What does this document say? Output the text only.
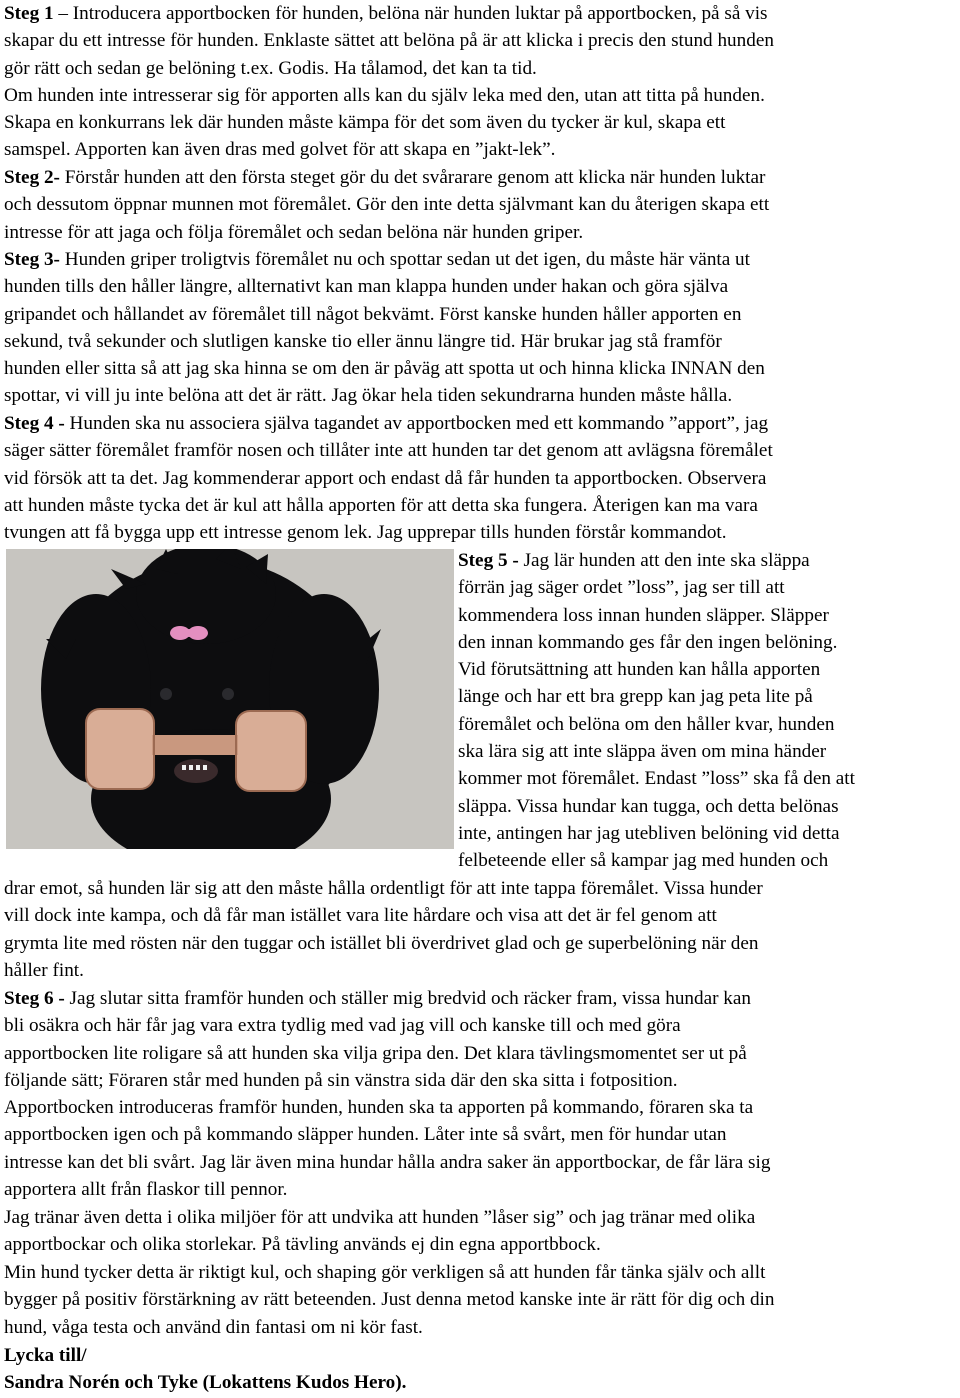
Steg 1 – Introducera apportbocken för hunden, belöna när hunden luktar på apportbocken, på så vis
skapar du ett intresse för hunden. Enklaste sättet att belöna på är att klicka i precis den stund hunden
gör rätt och sedan ge belöning t.ex. Godis. Ha tålamod, det kan ta tid.
Om hunden inte intresserar sig för apporten alls kan du själv leka med den, utan att titta på hunden.
Skapa en konkurrans lek där hunden måste kämpa för det som även du tycker är kul, skapa ett
samspel. Apporten kan även dras med golvet för att skapa en ”jakt-lek”.
Steg 2- Förstår hunden att den första steget gör du det svårarare genom att klicka när hunden luktar
och dessutom öppnar munnen mot föremålet. Gör den inte detta självmant kan du återigen skapa ett
intresse för att jaga och följa föremålet och sedan belöna när hunden griper.
Steg 3- Hunden griper troligtvis föremålet nu och spottar sedan ut det igen, du måste här vänta ut
hunden tills den håller längre, allternativt kan man klappa hunden under hakan och göra själva
gripandet och hållandet av föremålet till något bekvämt. Först kanske hunden håller apporten en
sekund, två sekunder och slutligen kanske tio eller ännu längre tid. Här brukar jag stå framför
hunden eller sitta så att jag ska hinna se om den är påväg att spotta ut och hinna klicka INNAN den
spottar, vi vill ju inte belöna att det är rätt. Jag ökar hela tiden sekundrarna hunden måste hålla.
Steg 4 - Hunden ska nu associera själva tagandet av apportbocken med ett kommando ”apport”, jag
säger sätter föremålet framför nosen och tillåter inte att hunden tar det genom att avlägsna föremålet
vid försök att ta det. Jag kommenderar apport och endast då får hunden ta apportbocken. Observera
att hunden måste tycka det är kul att hålla apporten för att detta ska fungera. Återigen kan ma vara
tvungen att få bygga upp ett intresse genom lek. Jag upprepar tills hunden förstår kommandot.
Steg 5 - Jag lär hunden att den inte ska släppa
förrän jag säger ordet ”loss”, jag ser till att
kommendera loss innan hunden släpper. Släpper
den innan kommando ges får den ingen belöning.
Vid förutsättning att hunden kan hålla apporten
länge och har ett bra grepp kan jag peta lite på
föremålet och belöna om den håller kvar, hunden
ska lära sig att inte släppa även om mina händer
kommer mot föremålet. Endast ”loss” ska få den att
släppa. Vissa hundar kan tugga, och detta belönas
inte, antingen har jag utebliven belöning vid detta
felbeteende eller så kampar jag med hunden och
drar emot, så hunden lär sig att den måste hålla ordentligt för att inte tappa föremålet. Vissa hunder
vill dock inte kampa, och då får man istället vara lite hårdare och visa att det är fel genom att
grymta lite med rösten när den tuggar och istället bli överdrivet glad och ge superbelöning när den
håller fint.
Steg 6 - Jag slutar sitta framför hunden och ställer mig bredvid och räcker fram, vissa hundar kan
bli osäkra och här får jag vara extra tydlig med vad jag vill och kanske till och med göra
apportbocken lite roligare så att hunden ska vilja gripa den. Det klara tävlingsmomentet ser ut på
följande sätt; Föraren står med hunden på sin vänstra sida där den ska sitta i fotposition.
Apportbocken introduceras framför hunden, hunden ska ta apporten på kommando, föraren ska ta
apportbocken igen och på kommando släpper hunden. Låter inte så svårt, men för hundar utan
intresse kan det bli svårt. Jag lär även mina hundar hålla andra saker än apportbockar, de får lära sig
apportera allt från flaskor till pennor.
Jag tränar även detta i olika miljöer för att undvika att hunden ”låser sig” och jag tränar med olika
apportbockar och olika storlekar. På tävling används ej din egna apportbbock.
Min hund tycker detta är riktigt kul, och shaping gör verkligen så att hunden får tänka själv och allt
bygger på positiv förstärkning av rätt beteenden. Just denna metod kanske inte är rätt för dig och din
hund, våga testa och använd din fantasi om ni kör fast.
Lycka till/
Sandra Norén och Tyke (Lokattens Kudos Hero).
